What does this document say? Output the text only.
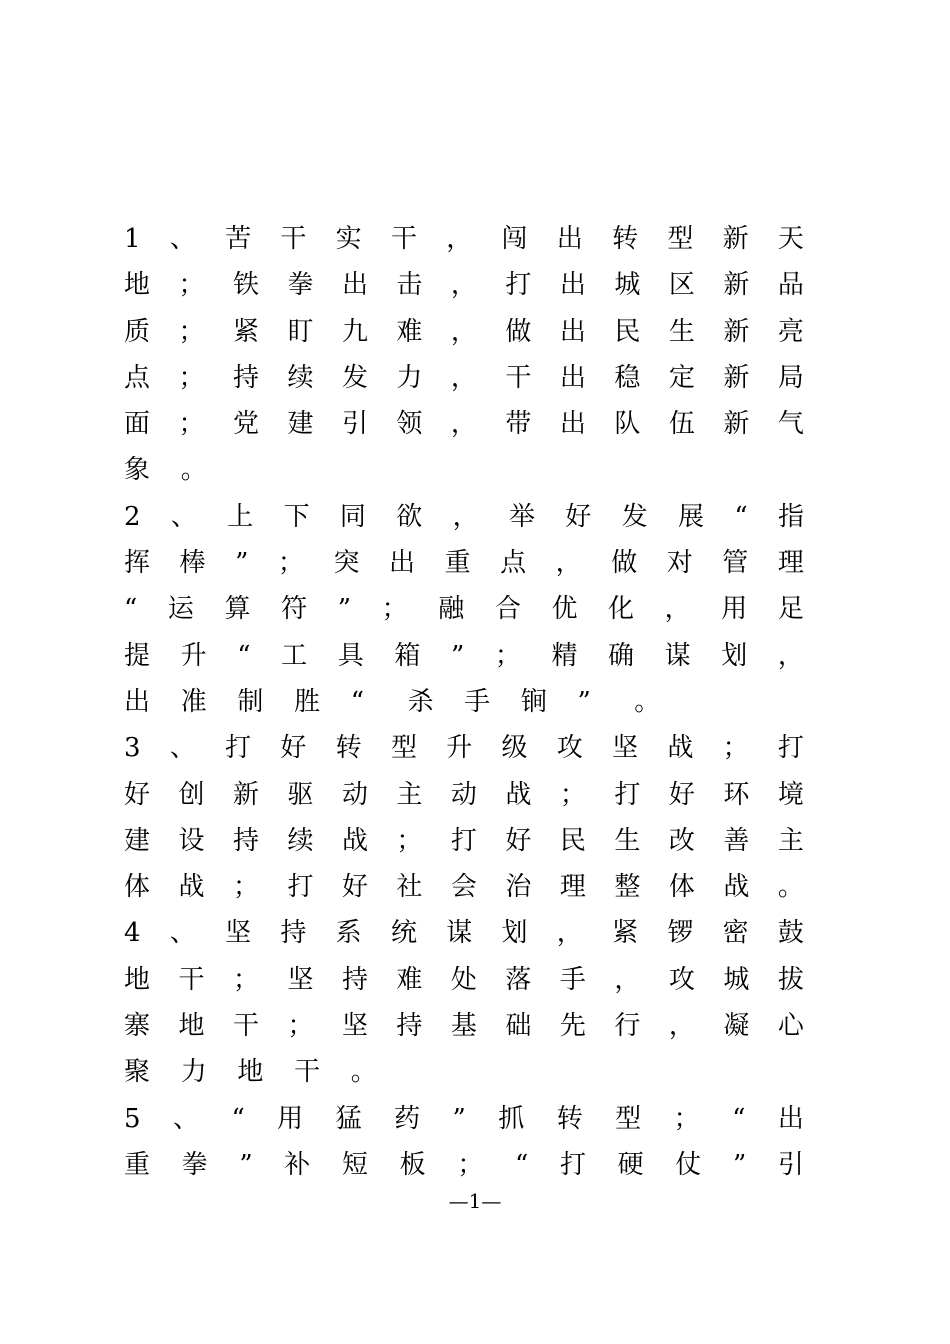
1 、 苦 干 实 干 ， 闯 出 转 型 新 天
地 ； 铁 拳 出 击 ， 打 出 城 区 新 品
质 ； 紧 盯 九 难 ， 做 出 民 生 新 亮
点 ； 持 续 发 力 ， 干 出 稳 定 新 局
面 ； 党 建 引 领 ， 带 出 队 伍 新 气
象	。
2 、 上 下 同 欲 ， 举 好 发 展 “ 指
挥 棒 ” ； 突 出 重 点 ， 做 对 管 理
“ 运 算 符 ” ； 融 合 优 化 ， 用 足
提 升 “ 工 具 箱 ” ； 精 确 谋 划 ，
出	准	制	胜	“	杀	手	锏	”	。
3 、 打 好 转 型 升 级 攻 坚 战 ； 打
好 创 新 驱 动 主 动 战 ； 打 好 环 境
建 设 持 续 战 ； 打 好 民 生 改 善 主
体 战 ； 打 好 社 会 治 理 整 体 战 。
4 、 坚 持 系 统 谋 划 ， 紧 锣 密 鼓
地 干 ； 坚 持 难 处 落 手 ， 攻 城 拔
寨 地 干 ； 坚 持 基 础 先 行 ， 凝 心
聚	力	地	干	。
5 、 “ 用 猛 药 ” 抓 转 型 ； “ 出
重 拳 ” 补 短 板 ； “ 打 硬 仗 ” 引
—1—
